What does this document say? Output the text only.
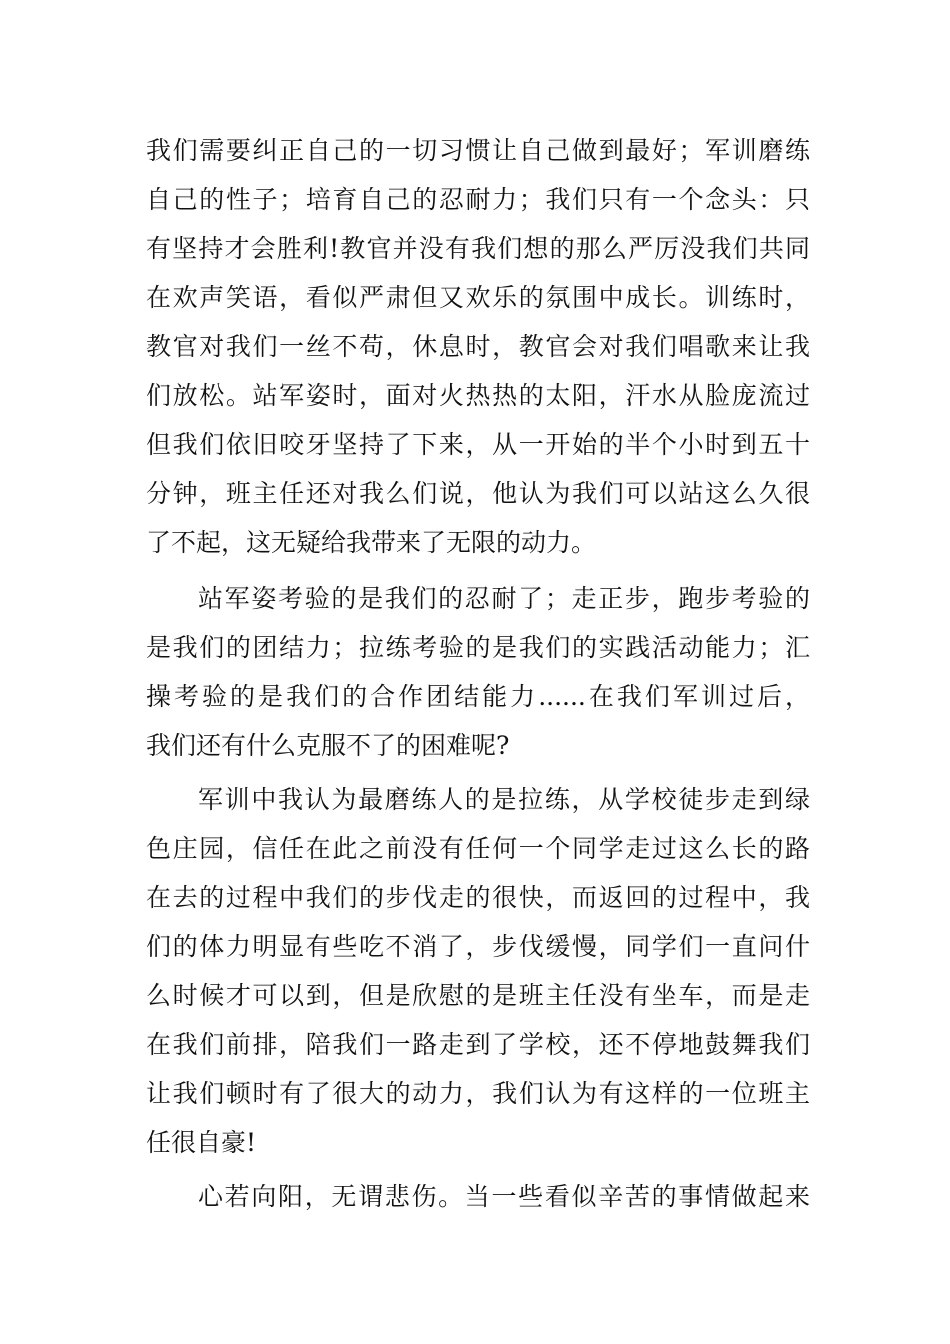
我们需要纠正自己的一切习惯让自己做到最好；军训磨练
自己的性子；培育自己的忍耐力；我们只有一个念头：只
有坚持才会胜利!教官并没有我们想的那么严厉没我们共同
在欢声笑语，看似严肃但又欢乐的氛围中成长。训练时，
教官对我们一丝不苟，休息时，教官会对我们唱歌来让我
们放松。站军姿时，面对火热热的太阳，汗水从脸庞流过
但我们依旧咬牙坚持了下来，从一开始的半个小时到五十
分钟，班主任还对我么们说，他认为我们可以站这么久很
了不起，这无疑给我带来了无限的动力。
站军姿考验的是我们的忍耐了；走正步，跑步考验的
是我们的团结力；拉练考验的是我们的实践活动能力；汇
操考验的是我们的合作团结能力......在我们军训过后，
我们还有什么克服不了的困难呢?
军训中我认为最磨练人的是拉练，从学校徒步走到绿
色庄园，信任在此之前没有任何一个同学走过这么长的路
在去的过程中我们的步伐走的很快，而返回的过程中，我
们的体力明显有些吃不消了，步伐缓慢，同学们一直问什
么时候才可以到，但是欣慰的是班主任没有坐车，而是走
在我们前排，陪我们一路走到了学校，还不停地鼓舞我们
让我们顿时有了很大的动力，我们认为有这样的一位班主
任很自豪!
心若向阳，无谓悲伤。当一些看似辛苦的事情做起来
